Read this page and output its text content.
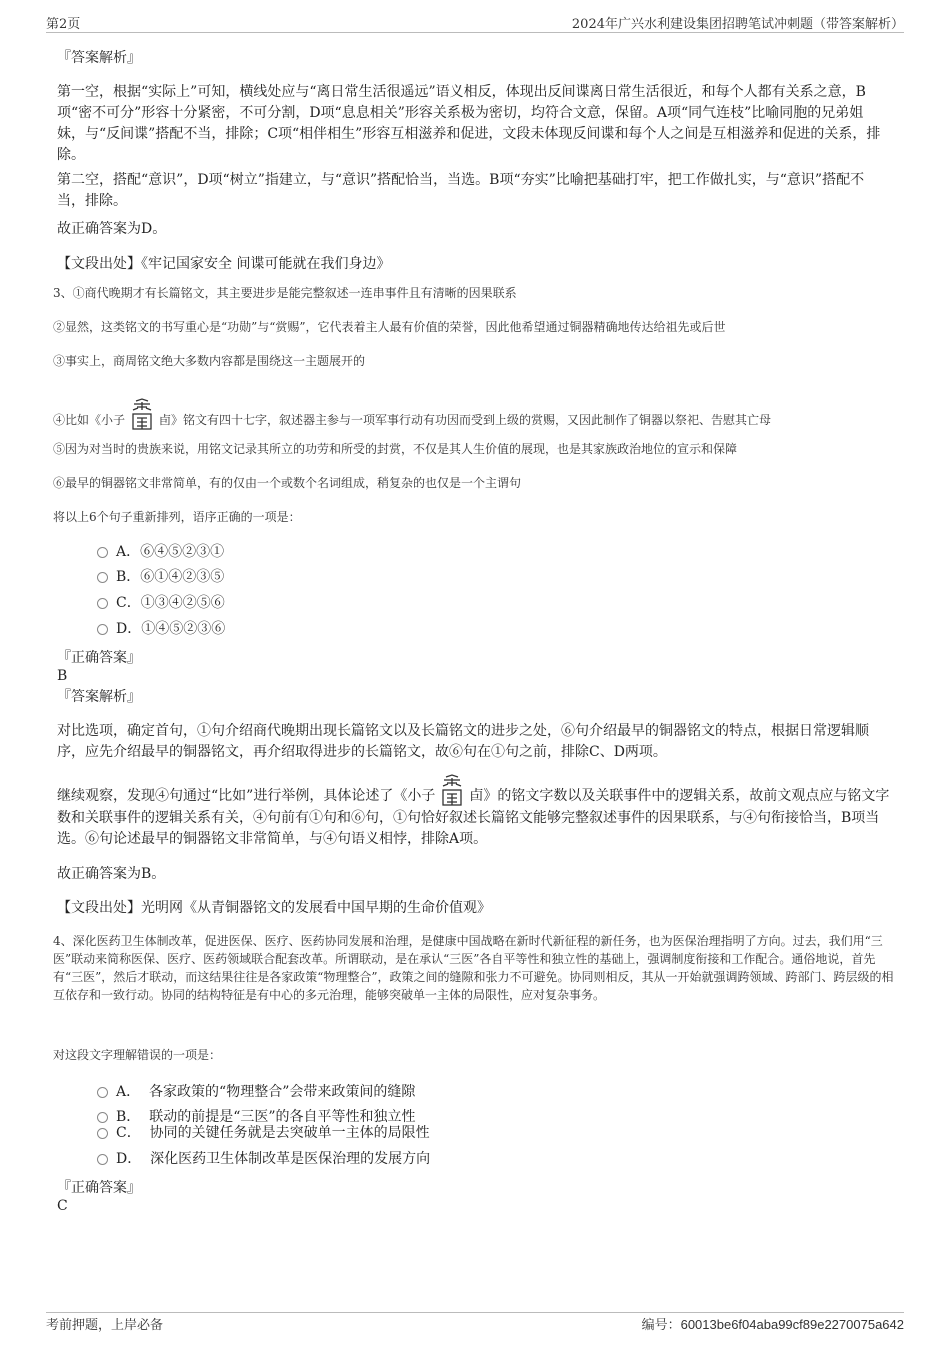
第2页	2024年广兴水利建设集团招聘笔试冲刺题（带答案解析）
『答案解析』
第一空，根据“实际上”可知，横线处应与“离日常生活很遥远”语义相反，体现出反间谍离日常生活很近，和每个人都有关系之意，B项“密不可分”形容十分紧密，不可分割，D项“息息相关”形容关系极为密切，均符合文意，保留。A项“同气连枝”比喻同胞的兄弟姐妹，与“反间谍”搭配不当，排除；C项“相伴相生”形容互相滋养和促进，文段未体现反间谍和每个人之间是互相滋养和促进的关系，排除。
第二空，搭配“意识”，D项“树立”指建立，与“意识”搭配恰当，当选。B项“夯实”比喻把基础打牢，把工作做扎实，与“意识”搭配不当，排除。
故正确答案为D。
【文段出处】《牢记国家安全 间谍可能就在我们身边》
3、①商代晚期才有长篇铭文，其主要进步是能完整叙述一连串事件且有清晰的因果联系
②显然，这类铭文的书写重心是“功勋”与“赏赐”，它代表着主人最有价值的荣誉，因此他希望通过铜器精确地传达给祖先或后世
③事实上，商周铭文绝大多数内容都是围绕这一主题展开的
④比如《小子	卣》铭文有四十七字，叙述器主参与一项军事行动有功因而受到上级的赏赐，又因此制作了铜器以祭祀、告慰其亡母
⑤因为对当时的贵族来说，用铭文记录其所立的功劳和所受的封赏，不仅是其人生价值的展现，也是其家族政治地位的宣示和保障
⑥最早的铜器铭文非常简单，有的仅由一个或数个名词组成，稍复杂的也仅是一个主谓句
将以上6个句子重新排列，语序正确的一项是：
A．⑥④⑤②③①
B．⑥①④②③⑤
C．①③④②⑤⑥
D．①④⑤②③⑥
『正确答案』
B
『答案解析』
对比选项，确定首句，①句介绍商代晚期出现长篇铭文以及长篇铭文的进步之处，⑥句介绍最早的铜器铭文的特点，根据日常逻辑顺序，应先介绍最早的铜器铭文，再介绍取得进步的长篇铭文，故⑥句在①句之前，排除C、D两项。
继续观察，发现④句通过“比如”进行举例，具体论述了《小子 卣》的铭文字数以及关联事件中的逻辑关系，故前文观点应与铭文字数和关联事件的逻辑关系有关，④句前有①句和⑥句，①句恰好叙述长篇铭文能够完整叙述事件的因果联系，与④句衔接恰当，B项当选。⑥句论述最早的铜器铭文非常简单，与④句语义相悖，排除A项。
故正确答案为B。
【文段出处】光明网《从青铜器铭文的发展看中国早期的生命价值观》
4、深化医药卫生体制改革，促进医保、医疗、医药协同发展和治理，是健康中国战略在新时代新征程的新任务，也为医保治理指明了方向。过去，我们用“三医”联动来简称医保、医疗、医药领域联合配套改革。所谓联动，是在承认“三医”各自平等性和独立性的基础上，强调制度衔接和工作配合。通俗地说，首先有“三医”，然后才联动，而这结果往往是各家政策“物理整合”，政策之间的缝隙和张力不可避免。协同则相反，其从一开始就强调跨领域、跨部门、跨层级的相互依存和一致行动。协同的结构特征是有中心的多元治理，能够突破单一主体的局限性，应对复杂事务。
对这段文字理解错误的一项是：
A． 各家政策的“物理整合”会带来政策间的缝隙
B． 联动的前提是“三医”的各自平等性和独立性
C． 协同的关键任务就是去突破单一主体的局限性
D． 深化医药卫生体制改革是医保治理的发展方向
『正确答案』
C
考前押题，上岸必备	编号：60013be6f04aba99cf89e2270075a642
